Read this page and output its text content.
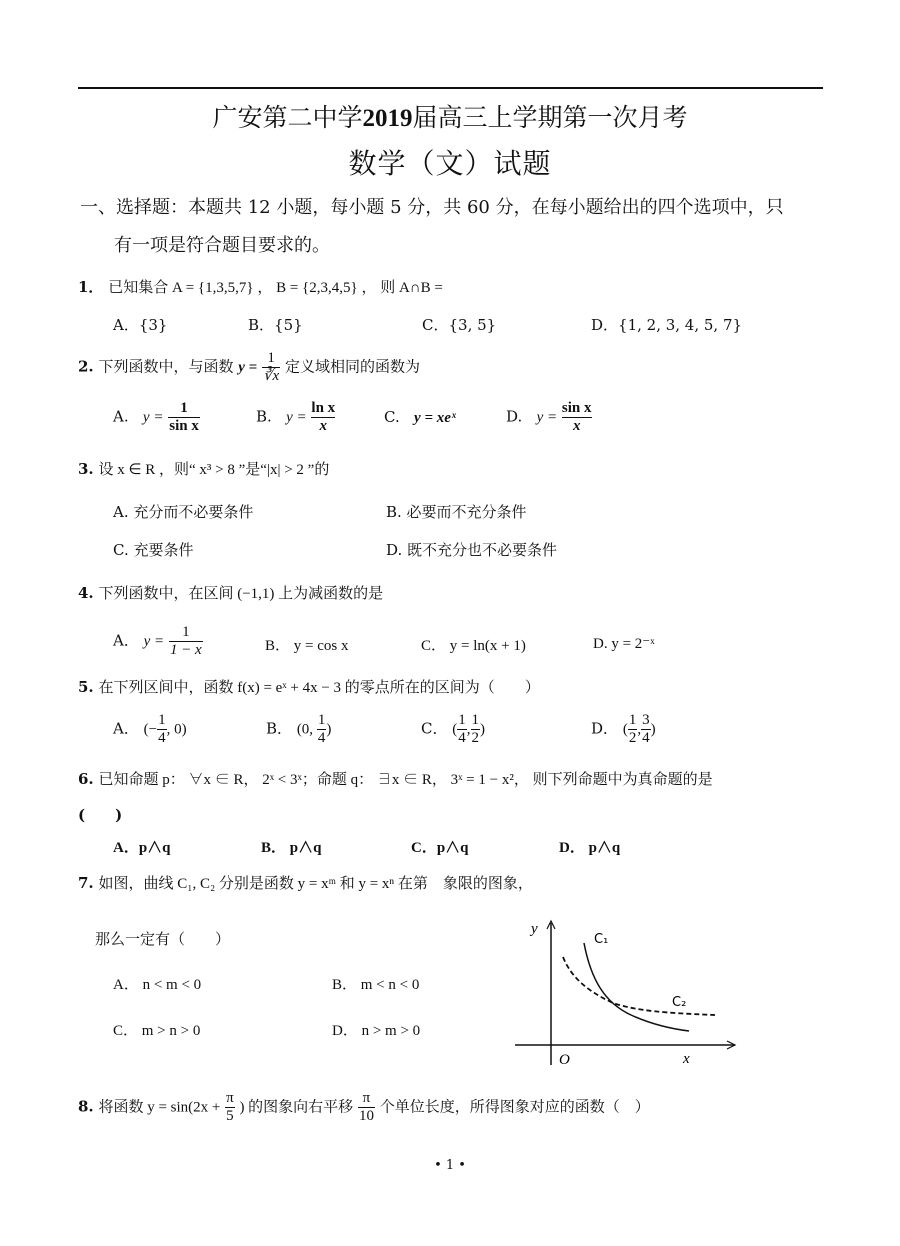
广安第二中学2019届高三上学期第一次月考
数学（文）试题
一、选择题：本题共 12 小题，每小题 5 分，共 60 分，在每小题给出的四个选项中，只
有一项是符合题目要求的。
1． 已知集合 A = {1,3,5,7} ， B = {2,3,4,5} ， 则 A∩B =
A．{3}	B．{5}	C．{3, 5}	D．{1, 2, 3, 4, 5, 7}
2. 下列函数中，与函数 $y = \frac{1}{∛x}$ 定义域相同的函数为
A. $y = \frac{1}{\text{sin x}}$	B. $y = \frac{\text{ln x}}{x}$	C. y = xeˣ	D. $y = \frac{\text{sin x}}{x}$
3. 设 x ∈ R ，则“ x³ > 8 ”是“|x| > 2 ”的
A. 充分而不必要条件	B. 必要而不充分条件
C. 充要条件	D. 既不充分也不必要条件
4. 下列函数中，在区间 (−1,1) 上为减函数的是
A． $y = \frac{1}{1 - x}$	B． y = cos x	C． y = ln(x + 1)	D. y = 2⁻ˣ
5. 在下列区间中，函数 f(x) = eˣ + 4x − 3 的零点所在的区间为（　　）
A． (− $\frac{1}{4}$ , 0)	B． (0, $\frac{1}{4}$ )	C． ( $\frac{1}{4}$ , $\frac{1}{2}$ )	D． ( $\frac{1}{2}$ , $\frac{3}{4}$ )
6. 已知命题 p： ∀x ∈ R， 2ˣ < 3ˣ；命题 q： ∃x ∈ R， 3ˣ = 1 − x²， 则下列命题中为真命题的是
(　　)
A．p∧q	B． p∧q	C．p∧q	D． p∧q
7. 如图，曲线 C₁, C₂ 分别是函数 y = xᵐ 和 y = xⁿ 在第　象限的图象，
那么一定有（　　）
A． n < m < 0	B． m < n < 0
C． m > n > 0	D． n > m > 0
y
x
O
C₁
C₂
8. 将函数 $y = \sin(2x + \frac{\pi}{5}$ ) 的图象向右平移 $\frac{\pi}{10}$ 个单位长度，所得图象对应的函数（　）
• 1 •
